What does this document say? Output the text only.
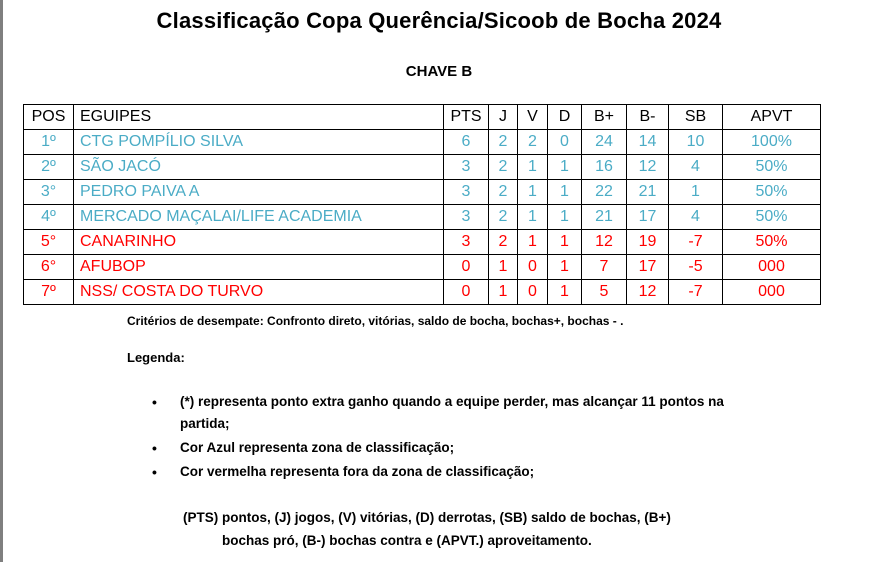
Classificação Copa Querência/Sicoob de Bocha 2024
CHAVE B
POS	EGUIPES	PTS	J	V	D	B+	B-	SB	APVT
1º	CTG POMPÍLIO SILVA	6	2	2	0	24	14	10	100%
2º	SÃO JACÓ	3	2	1	1	16	12	4	50%
3°	PEDRO PAIVA A	3	2	1	1	22	21	1	50%
4º	MERCADO MAÇALAI/LIFE ACADEMIA	3	2	1	1	21	17	4	50%
5°	CANARINHO	3	2	1	1	12	19	-7	50%
6°	AFUBOP	0	1	0	1	7	17	-5	000
7º	NSS/ COSTA DO TURVO	0	1	0	1	5	12	-7	000
Critérios de desempate: Confronto direto, vitórias, saldo de bocha, bochas+, bochas - .
Legenda:
• (*) representa ponto extra ganho quando a equipe perder, mas alcançar 11 pontos na partida;
• Cor Azul representa zona de classificação;
• Cor vermelha representa fora da zona de classificação;
(PTS) pontos, (J) jogos, (V) vitórias, (D) derrotas, (SB) saldo de bochas, (B+)
bochas pró, (B-) bochas contra e (APVT.) aproveitamento.
